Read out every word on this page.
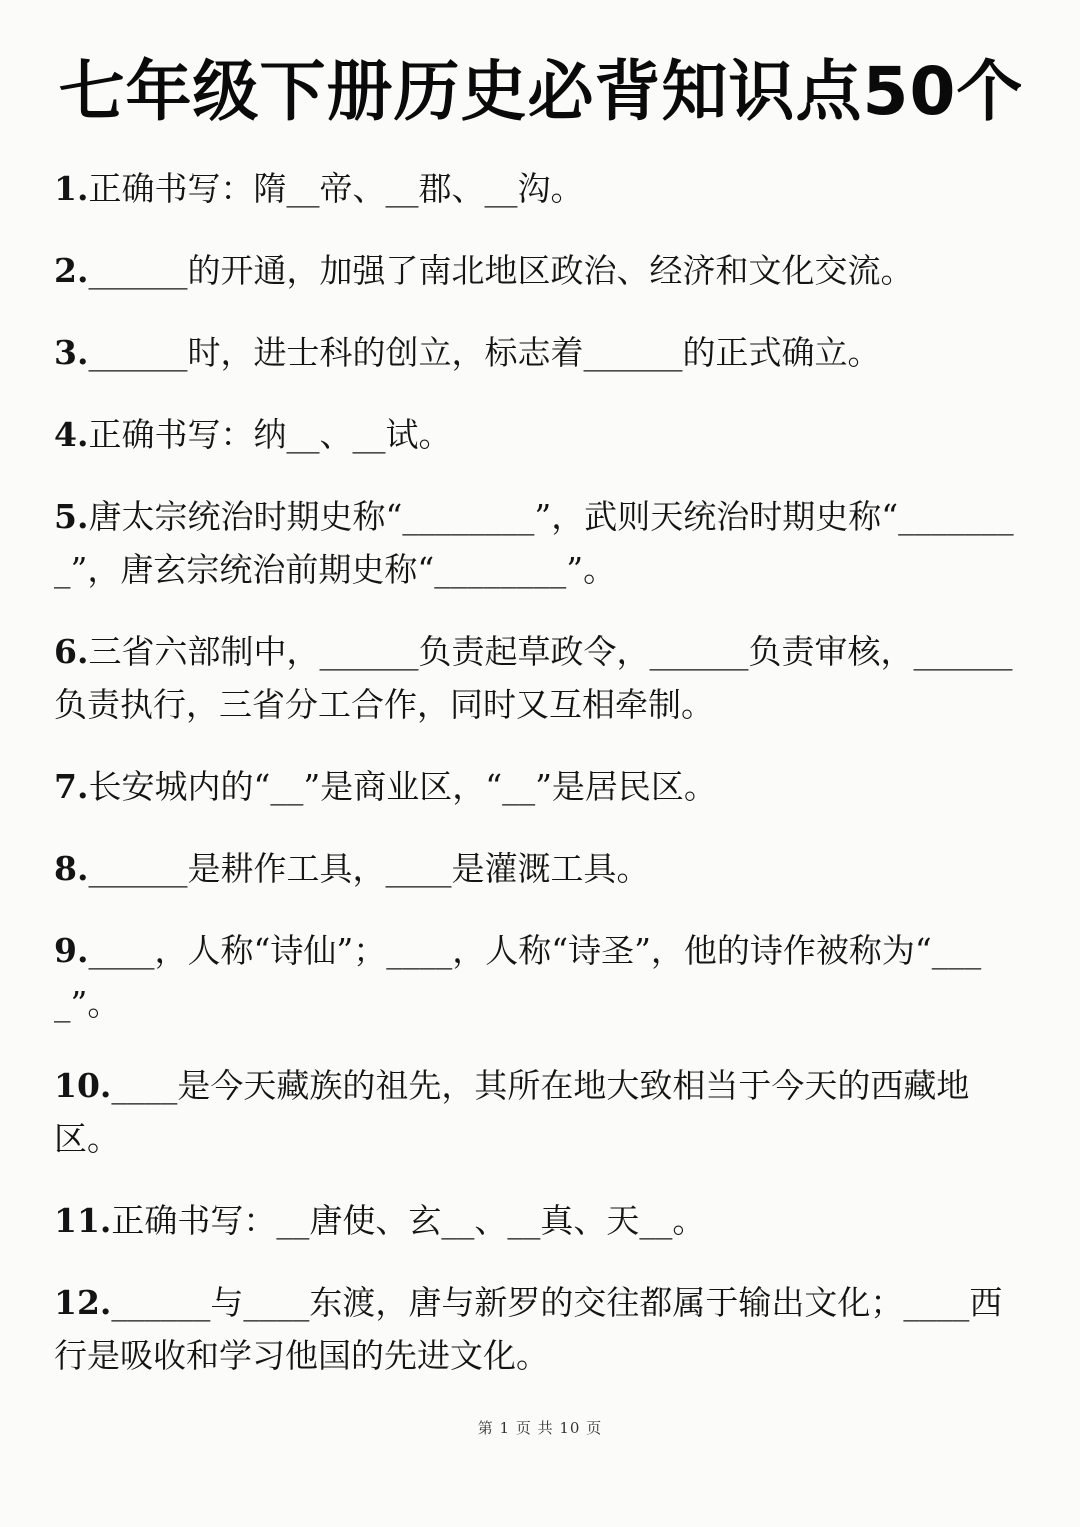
七年级下册历史必背知识点50个
1.正确书写：隋__帝、__郡、__沟。
2.______的开通，加强了南北地区政治、经济和文化交流。
3.______时，进士科的创立，标志着______的正式确立。
4.正确书写：纳__、__试。
5.唐太宗统治时期史称“________”，武则天统治时期史称“________”，唐玄宗统治前期史称“________”。
6.三省六部制中，______负责起草政令，______负责审核，______负责执行，三省分工合作，同时又互相牵制。
7.长安城内的“__”是商业区，“__”是居民区。
8.______是耕作工具，____是灌溉工具。
9.____，人称“诗仙”；____，人称“诗圣”，他的诗作被称为“____”。
10.____是今天藏族的祖先，其所在地大致相当于今天的西藏地区。
11.正确书写：__唐使、玄__、__真、天__。
12.______与____东渡，唐与新罗的交往都属于输出文化；____西行是吸收和学习他国的先进文化。
第 1 页 共 10 页
